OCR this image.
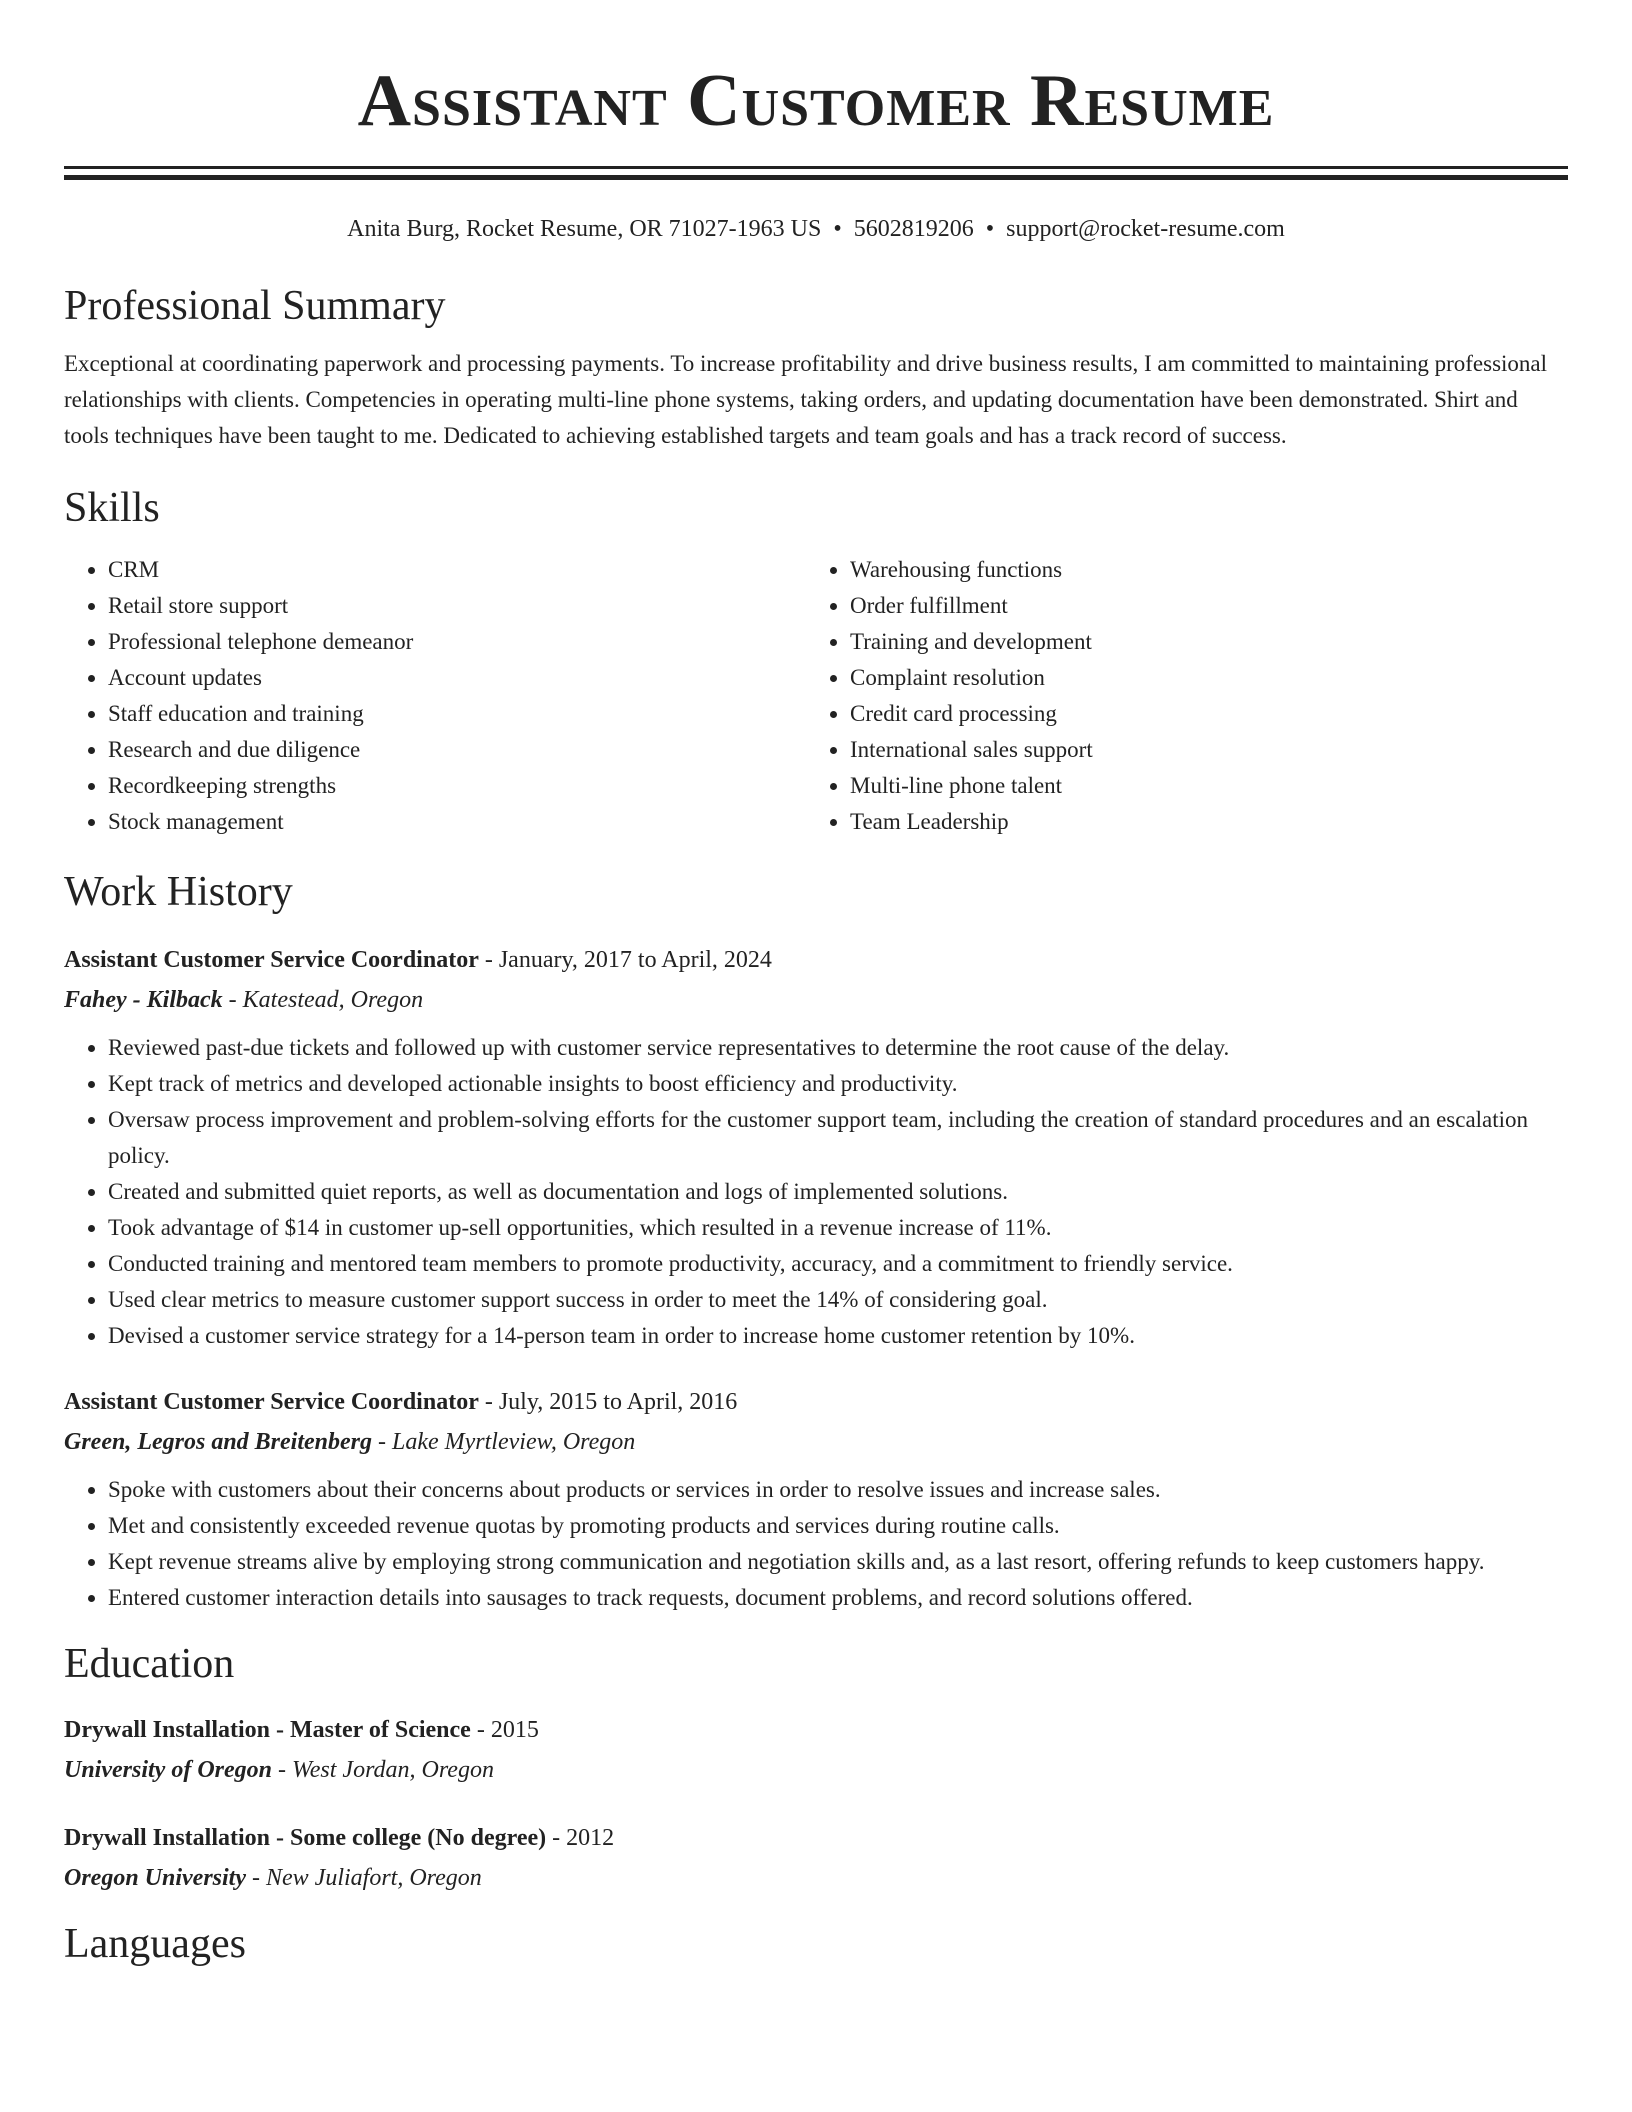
Assistant Customer Resume
Anita Burg, Rocket Resume, OR 71027-1963 US • 5602819206 • support@rocket-resume.com
Professional Summary

Exceptional at coordinating paperwork and processing payments. To increase profitability and drive business results, I am committed to maintaining professional relationships with clients. Competencies in operating multi-line phone systems, taking orders, and updating documentation have been demonstrated. Shirt and tools techniques have been taught to me. Dedicated to achieving established targets and team goals and has a track record of success.

Skills
• CRM
• Retail store support
• Professional telephone demeanor
• Account updates
• Staff education and training
• Research and due diligence
• Recordkeeping strengths
• Stock management
• Warehousing functions
• Order fulfillment
• Training and development
• Complaint resolution
• Credit card processing
• International sales support
• Multi-line phone talent
• Team Leadership
Work History
Assistant Customer Service Coordinator - January, 2017 to April, 2024
Fahey - Kilback - Katestead, Oregon
• Reviewed past-due tickets and followed up with customer service representatives to determine the root cause of the delay.
• Kept track of metrics and developed actionable insights to boost efficiency and productivity.
• Oversaw process improvement and problem-solving efforts for the customer support team, including the creation of standard procedures and an escalation policy.
• Created and submitted quiet reports, as well as documentation and logs of implemented solutions.
• Took advantage of $14 in customer up-sell opportunities, which resulted in a revenue increase of 11%.
• Conducted training and mentored team members to promote productivity, accuracy, and a commitment to friendly service.
• Used clear metrics to measure customer support success in order to meet the 14% of considering goal.
• Devised a customer service strategy for a 14-person team in order to increase home customer retention by 10%.
Assistant Customer Service Coordinator - July, 2015 to April, 2016
Green, Legros and Breitenberg - Lake Myrtleview, Oregon
• Spoke with customers about their concerns about products or services in order to resolve issues and increase sales.
• Met and consistently exceeded revenue quotas by promoting products and services during routine calls.
• Kept revenue streams alive by employing strong communication and negotiation skills and, as a last resort, offering refunds to keep customers happy.
• Entered customer interaction details into sausages to track requests, document problems, and record solutions offered.
Education
Drywall Installation - Master of Science - 2015
University of Oregon - West Jordan, Oregon
Drywall Installation - Some college (No degree) - 2012
Oregon University - New Juliafort, Oregon
Languages
